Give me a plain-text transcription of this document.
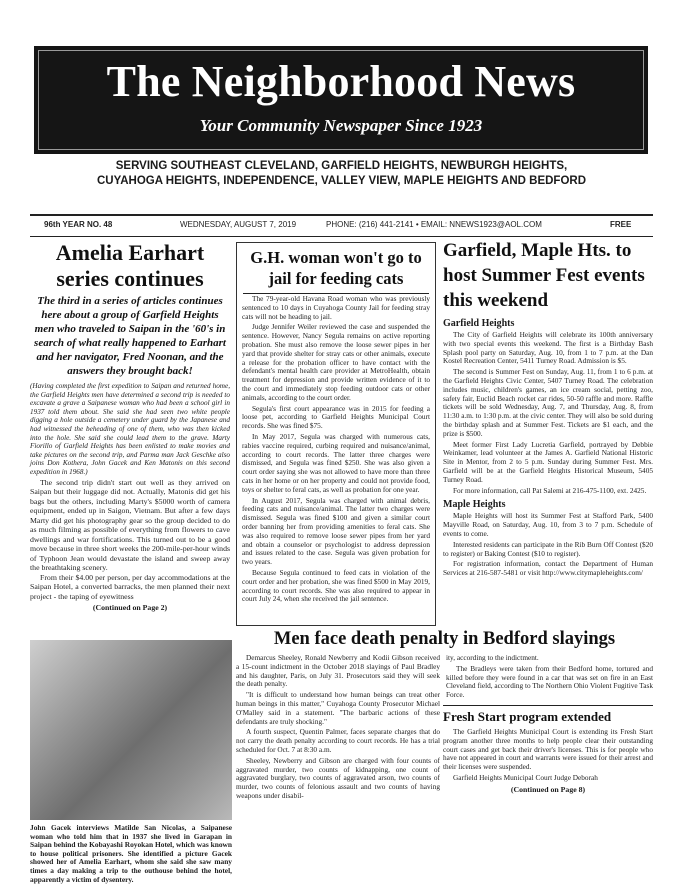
The Neighborhood News
Your Community Newspaper Since 1923
SERVING SOUTHEAST CLEVELAND, GARFIELD HEIGHTS, NEWBURGH HEIGHTS,
CUYAHOGA HEIGHTS, INDEPENDENCE, VALLEY VIEW, MAPLE HEIGHTS AND BEDFORD
96th YEAR NO. 48	WEDNESDAY, AUGUST 7, 2019	PHONE: (216) 441-2141 • EMAIL: NNEWS1923@AOL.COM	FREE
Amelia Earhart
series continues
The third in a series of articles continues here about a group of Garfield Heights men who traveled to Saipan in the '60's in search of what really happened to Earhart and her navigator, Fred Noonan, and the answers they brought back!
(Having completed the first expedition to Saipan and returned home, the Garfield Heights men have determined a second trip is needed to excavate a grave a Saipanese woman who had been a school girl in 1937 told them about. She said she had seen two white people digging a hole outside a cemetery under guard by the Japanese and had witnessed the beheading of one of them, who was then kicked into the hole. She said she could lead them to the grave. Marty Fiorillo of Garfield Heights has been enlisted to make movies and take pictures on the second trip, and Parma man Jack Geschke also joins Don Kothera, John Gacek and Ken Matonis on this second expedition in 1968.)

The second trip didn't start out well as they arrived on Saipan but their luggage did not. Actually, Matonis did get his bags but the others, including Marty's $5000 worth of camera equipment, ended up in Saigon, Vietnam. But after a few days Marty did get his photography gear so the group decided to do as much filming as possible of everything from flowers to cave dwellings and war fortifications. This turned out to be a good move because in three short weeks the 200-mile-per-hour winds of Typhoon Jean would devastate the island and sweep away the breathtaking scenery.

From their $4.00 per person, per day accommodations at the Saipan Hotel, a converted barracks, the men planned their next project - the taping of eyewitness

(Continued on Page 2)
John Gacek interviews Matilde San Nicolas, a Saipanese woman who told him that in 1937 she lived in Garapan in Saipan behind the Kobayashi Royokan Hotel, which was known to house political prisoners. She identified a picture Gacek showed her of Amelia Earhart, whom she said she saw many times a day making a trip to the outhouse behind the hotel, apparently a victim of dysentery.
G.H. woman won't go to jail for feeding cats

The 79-year-old Havana Road woman who was previously sentenced to 10 days in Cuyahoga County Jail for feeding stray cats will not be heading to jail.

Judge Jennifer Weiler reviewed the case and suspended the sentence. However, Nancy Segula remains on active reporting probation. She must also remove the loose sewer pipes in her yard that provide shelter for stray cats or other animals, execute a release for the probation officer to have contact with the defendant's mental health care provider at MetroHealth, obtain treatment for depression and provide written evidence of it to the court and immediately stop feeding outdoor cats or other animals, according to the court order.

Segula's first court appearance was in 2015 for feeding a loose pet, according to Garfield Heights Municipal Court records. She was fined $75.

In May 2017, Segula was charged with numerous cats, rabies vaccine required, curbing required and nuisance/animal, according to court records. The latter three charges were dismissed, and Segula was fined $250. She was also given a court order saying she was not allowed to have more than three cats in her home or on her property and could not provide food, toys or shelter to feral cats, as well as probation for one year.

In August 2017, Segula was charged with animal debris, feeding cats and nuisance/animal. The latter two charges were dismissed. Segula was fined $100 and given a similar court order banning her from providing amenities to feral cats. She was also required to remove loose sewer pipes from her yard and obtain a counselor or psychologist to address depression and issues related to the case. Segula was given probation for two years.

Because Segula continued to feed cats in violation of the court order and her probation, she was fined $500 in May 2019, according to court records. She was also required to appear in court July 24, when she received the jail sentence.

Garfield, Maple Hts. to host Summer Fest events this weekend
Garfield Heights

The City of Garfield Heights will celebrate its 100th anniversary with two special events this weekend. The first is a Birthday Bash Splash pool party on Saturday, Aug. 10, from 1 to 7 p.m. at the Dan Kostel Recreation Center, 5411 Turney Road. Admission is $5.

The second is Summer Fest on Sunday, Aug. 11, from 1 to 6 p.m. at the Garfield Heights Civic Center, 5407 Turney Road. The celebration includes music, children's games, an ice cream social, petting zoo, safety fair, Euclid Beach rocket car rides, 50-50 raffle and more. Raffle tickets will be sold Wednesday, Aug. 7, and Thursday, Aug. 8, from 11:30 a.m. to 1:30 p.m. at the civic center. They will also be sold during the birthday splash and at Summer Fest. Tickets are $1 each, and the prize is $500.

Meet former First Lady Lucretia Garfield, portrayed by Debbie Weinkamer, lead volunteer at the James A. Garfield National Historic Site in Mentor, from 2 to 5 p.m. Sunday during Summer Fest. Mrs. Garfield will be at the Garfield Heights Historical Museum, 5405 Turney Road.

For more information, call Pat Salemi at 216-475-1100, ext. 2425.

Maple Heights

Maple Heights will host its Summer Fest at Stafford Park, 5400 Mayville Road, on Saturday, Aug. 10, from 3 to 7 p.m. Schedule of events to come.

Interested residents can participate in the Rib Burn Off Contest ($20 to register) or Baking Contest ($10 to register).

For registration information, contact the Department of Human Services at 216-587-5481 or visit http://www.citymapleheights.com/

Men face death penalty in Bedford slayings

Demarcus Sheeley, Ronald Newberry and Kodii Gibson received a 15-count indictment in the October 2018 slayings of Paul Bradley and his daughter, Paris, on July 31. Prosecutors said they will seek the death penalty.

"It is difficult to understand how human beings can treat other human beings in this matter," Cuyahoga County Prosecutor Michael O'Malley said in a statement. "The barbaric actions of these defendants are truly shocking."

A fourth suspect, Quentin Palmer, faces separate charges that do not carry the death penalty according to court records. He has a trial scheduled for Oct. 7 at 8:30 a.m.

Sheeley, Newberry and Gibson are charged with four counts of aggravated murder, two counts of kidnapping, one count of aggravated burglary, two counts of aggravated arson, two counts of murder, two counts of felonious assault and two counts of having weapons under disabil-

ity, according to the indictment.

The Bradleys were taken from their Bedford home, tortured and killed before they were found in a car that was set on fire in an East Cleveland field, according to The Northern Ohio Violent Fugitive Task Force.

Fresh Start program extended

The Garfield Heights Municipal Court is extending its Fresh Start program another three months to help people clear their outstanding court cases and get back their driver's licenses. This is for people who have not appeared in court and warrants were issued for their arrest and their licenses were suspended.

Garfield Heights Municipal Court Judge Deborah

(Continued on Page 8)
